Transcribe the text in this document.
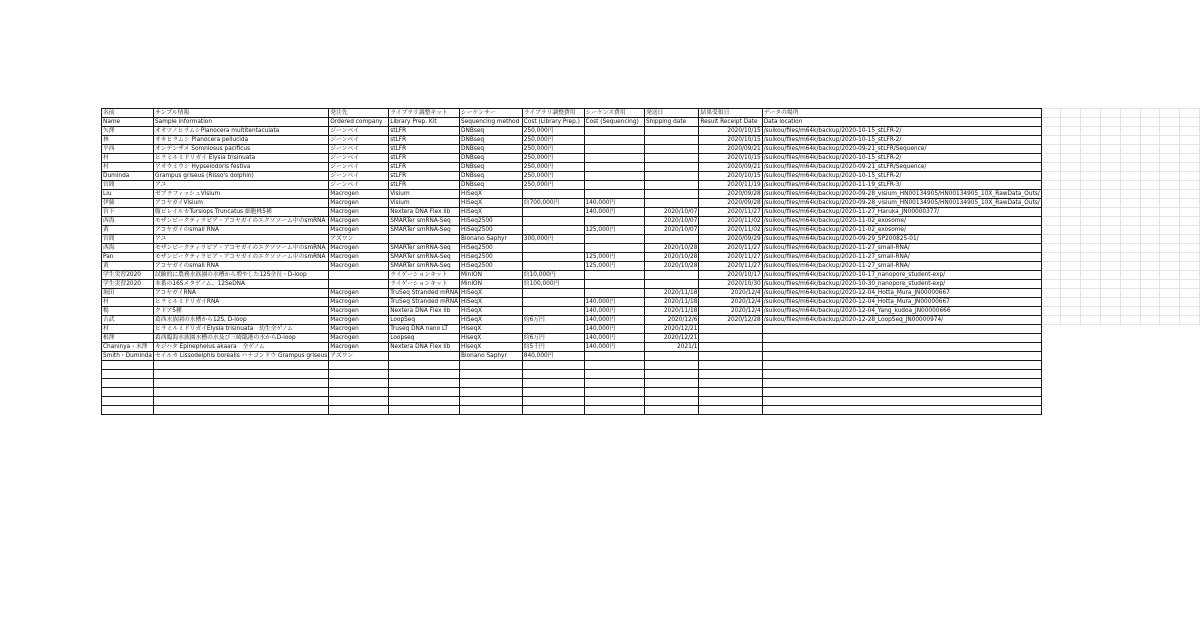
名前	サンプル情報	発注先	ライブラリ調整キット	シーケンサー	ライブラリ調整費用	シーケンス費用	発送日	結果受領日	データの場所								
Name	Sample information	Ordered company	Library Prep. Kit	Sequencing method	Cost (Library Prep.)	Cost (Sequencing)	Shipping date	Result Receipt Date	Data location								
矢澤	オオツノヒラムシPlanocera multitentaculata	ジーンベイ	stLFR	DNBseq	250,000円			2020/10/15	/suikou/files/m64k/backup/2020-10-15_stLFR-2/								
林	オキヒラムシ Planocera pellucida	ジーンベイ	stLFR	DNBseq	250,000円			2020/10/15	/suikou/files/m64k/backup/2020-10-15_stLFR-2/								
平西	オンデンザメ Somniosus pacificus	ジーンベイ	stLFR	DNBseq	250,000円			2020/09/21	/suikou/files/m64k/backup/2020-09-21_stLFR/Sequence/								
村	ヒラミルミドリガイ Elysia trisinuata	ジーンベイ	stLFR	DNBseq	250,000円			2020/10/15	/suikou/files/m64k/backup/2020-10-15_stLFR-2/								
村	アオウミウシ Hypselodoris festiva	ジーンベイ	stLFR	DNBseq	250,000円			2020/09/21	/suikou/files/m64k/backup/2020-09-21_stLFR/Sequence/								
Duminda	Grampus griseus (Risso's dolphin)	ジーンベイ	stLFR	DNBseq	250,000円			2020/10/15	/suikou/files/m64k/backup/2020-10-15_stLFR-2/								
宮間	アユ	ジーンベイ	stLFR	DNBseq	250,000円			2020/11/19	/suikou/files/m64k/backup/2020-11-19_stLFR-3/								
Liu	ゼブラフィッシュVisium	Macrogen	Visium	HiSeqX				2020/09/28	/suikou/files/m64k/backup/2020-09-28_visium_HN00134905/HN00134905_10X_RawData_Outs/								
伊藤	アコヤガイVisium	Macrogen	Visium	HiSeqX	約700,000円	140,000円		2020/09/28	/suikou/files/m64k/backup/2020-09-28_visium_HN00134905/HN00134905_10X_RawData_Outs/								
宮下	腹ビレイルカTursiops Truncatus 細胞株5種	Macrogen	Nextera DNA Flex lib	HiSeqX		140,000円	2020/10/07	2020/11/27	/suikou/files/m64k/backup/2020-11-27_Haruka_JN00000377/								
西海	モザンビークティラピア・アコヤガイのエクソソーム中のsmRNA	Macrogen	SMARTer smRNA-Seq	HiSeq2500			2020/10/07	2020/11/02	/suikou/files/m64k/backup/2020-11-02_exosome/								
黄	アコヤガイのsmall RNA	Macrogen	SMARTer smRNA-Seq	HiSeq2500		125,000円	2020/10/07	2020/11/02	/suikou/files/m64k/backup/2020-11-02_exosome/								
宮間	アユ	アズワン		Bionano Saphyr	300,000円			2020/09/29	/suikou/files/m64k/backup/2020-09-29_SP200825-01/								
西海	モザンビークティラピア・アコヤガイのエクソソーム中のsmRNA	Macrogen	SMARTer smRNA-Seq	HiSeq2500			2020/10/28	2020/11/27	/suikou/files/m64k/backup/2020-11-27_small-RNA/								
Pan	モザンビークティラピア・アコヤガイのエクソソーム中のsmRNA	Macrogen	SMARTer smRNA-Seq	HiSeq2500		125,000円	2020/10/28	2020/11/27	/suikou/files/m64k/backup/2020-11-27_small-RNA/								
黄	アコヤガイのsmall RNA	Macrogen	SMARTer smRNA-Seq	HiSeq2500		125,000円	2020/10/28	2020/11/27	/suikou/files/m64k/backup/2020-11-27_small-RNA/								
学生実習2020	試験的に農務水族園の水槽から増やした12S全長・D-loop		ライゲーションキット	MinION	約10,000円			2020/10/17	/suikou/files/m64k/backup/2020-10-17_nanopore_student-exp/								
学生実習2020	本番の16Sメタゲノム、12SeDNA		ライゲーションキット	MinION	約100,000円			2020/10/30	/suikou/files/m64k/backup/2020-10-30_nanopore_student-exp/								
堀田	アコヤガイRNA	Macrogen	TruSeq Stranded mRNA	HiSeqX			2020/11/18	2020/12/4	/suikou/files/m64k/backup/2020-12-04_Hotta_Mura_JN00000667								
村	ヒラミルミドリガイRNA	Macrogen	TruSeq Stranded mRNA	HiSeqX		140,000円	2020/11/18	2020/12/4	/suikou/files/m64k/backup/2020-12-04_Hotta_Mura_JN00000667								
楊	クドア5種	Macrogen	Nextera DNA Flex lib	HiSeqX		140,000円	2020/11/18	2020/12/4	/suikou/files/m64k/backup/2020-12-04_Yang_kudoa_JN00000666								
吉武	葛西水族園の水槽から12S, D-loop	Macrogen	LoopSeq	HiSeqX	約6万円	140,000円	2020/12/6	2020/12/28	/suikou/files/m64k/backup/2020-12-28_LoopSeq_JN00000974/								
村	ヒラミルミドリガイElysia trisinuata　幼生全ゲノム	Macrogen	Truseq DNA nano LT	HiseqX		140,000円	2020/12/21										
根澤	葛西臨海水族園水槽の水及び三崎臨港の水からD-loop	Macrogen	Loopseq	HiseqX	約6万円	140,000円	2020/12/21										
Chaninya・末澤	キジハタ Epinephelus akaara　全ゲノム	Macrogen	Nextera DNA Flex lib	HiseqX	約5千円	140,000円	2021/1										
Smith・Duminda	セイルカ Lissodelphis borealis ハナゴンドウ Grampus griseus	アズワン		Bionano Saphyr	840,000円												
